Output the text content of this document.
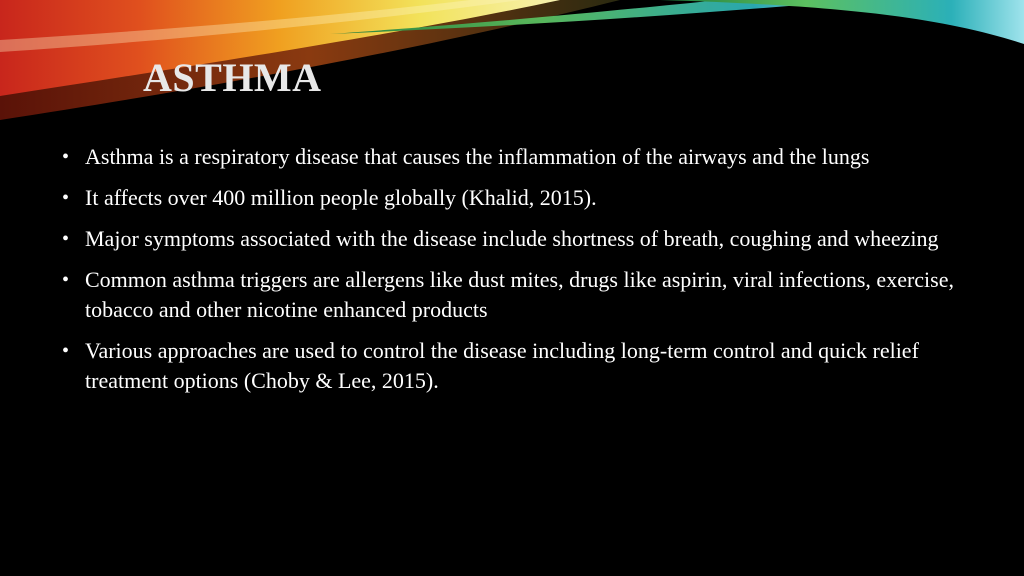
ASTHMA
• Asthma is a respiratory disease that causes the inflammation of the airways and the lungs
• It affects over 400 million people globally (Khalid, 2015).
• Major symptoms associated with the disease include shortness of breath, coughing and wheezing
• Common asthma triggers are allergens like dust mites, drugs like aspirin, viral infections, exercise, tobacco and other nicotine enhanced products
• Various approaches are used to control the disease including long-term control and quick relief treatment options (Choby & Lee, 2015).
